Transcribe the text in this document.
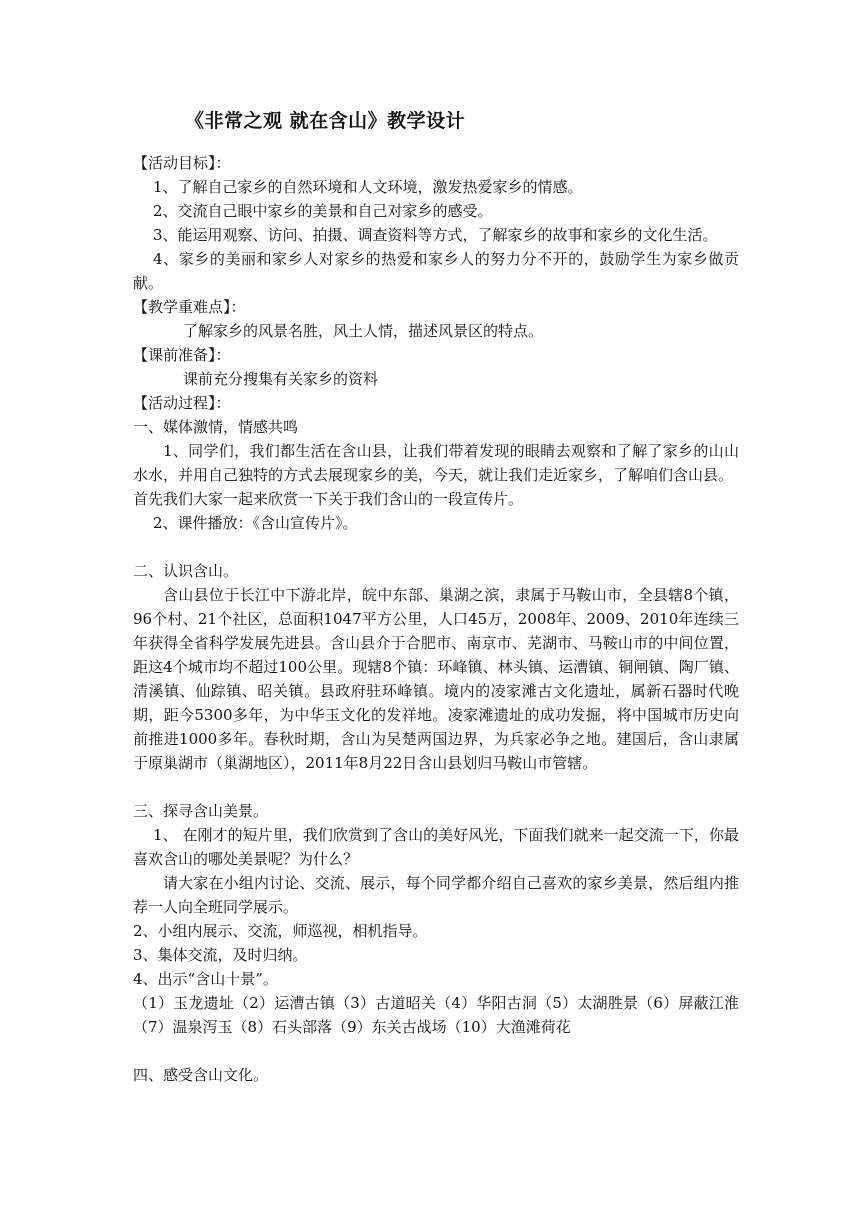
《非常之观 就在含山》教学设计

【活动目标】：

1、了解自己家乡的自然环境和人文环境，激发热爱家乡的情感。

2、交流自己眼中家乡的美景和自己对家乡的感受。

3、能运用观察、访问、拍摄、调查资料等方式，了解家乡的故事和家乡的文化生活。

4、家乡的美丽和家乡人对家乡的热爱和家乡人的努力分不开的，鼓励学生为家乡做贡献。

【教学重难点】：

了解家乡的风景名胜，风土人情，描述风景区的特点。

【课前准备】：

课前充分搜集有关家乡的资料

【活动过程】：

一、媒体激情，情感共鸣

1、同学们，我们都生活在含山县，让我们带着发现的眼睛去观察和了解了家乡的山山水水，并用自己独特的方式去展现家乡的美，今天，就让我们走近家乡，了解咱们含山县。

首先我们大家一起来欣赏一下关于我们含山的一段宣传片。

2、课件播放：《含山宣传片》。

二、认识含山。

含山县位于长江中下游北岸，皖中东部、巢湖之滨，隶属于马鞍山市，全县辖8个镇，96个村、21个社区，总面积1047平方公里，人口45万，2008年、2009、2010年连续三年获得全省科学发展先进县。含山县介于合肥市、南京市、芜湖市、马鞍山市的中间位置，距这4个城市均不超过100公里。现辖8个镇：环峰镇、林头镇、运漕镇、铜闸镇、陶厂镇、清溪镇、仙踪镇、昭关镇。县政府驻环峰镇。境内的凌家滩古文化遗址，属新石器时代晚期，距今5300多年，为中华玉文化的发祥地。凌家滩遗址的成功发掘，将中国城市历史向前推进1000多年。春秋时期，含山为吴楚两国边界，为兵家必争之地。建国后，含山隶属于原巢湖市（巢湖地区），2011年8月22日含山县划归马鞍山市管辖。

三、探寻含山美景。

1、 在刚才的短片里，我们欣赏到了含山的美好风光，下面我们就来一起交流一下，你最喜欢含山的哪处美景呢？为什么？

请大家在小组内讨论、交流、展示，每个同学都介绍自己喜欢的家乡美景，然后组内推荐一人向全班同学展示。

2、小组内展示、交流，师巡视，相机指导。

3、集体交流，及时归纳。

4、出示“含山十景”。

（1）玉龙遗址（2）运漕古镇（3）古道昭关（4）华阳古洞（5）太湖胜景（6）屏蔽江淮（7）温泉泻玉（8）石头部落（9）东关古战场（10）大渔滩荷花

四、感受含山文化。
